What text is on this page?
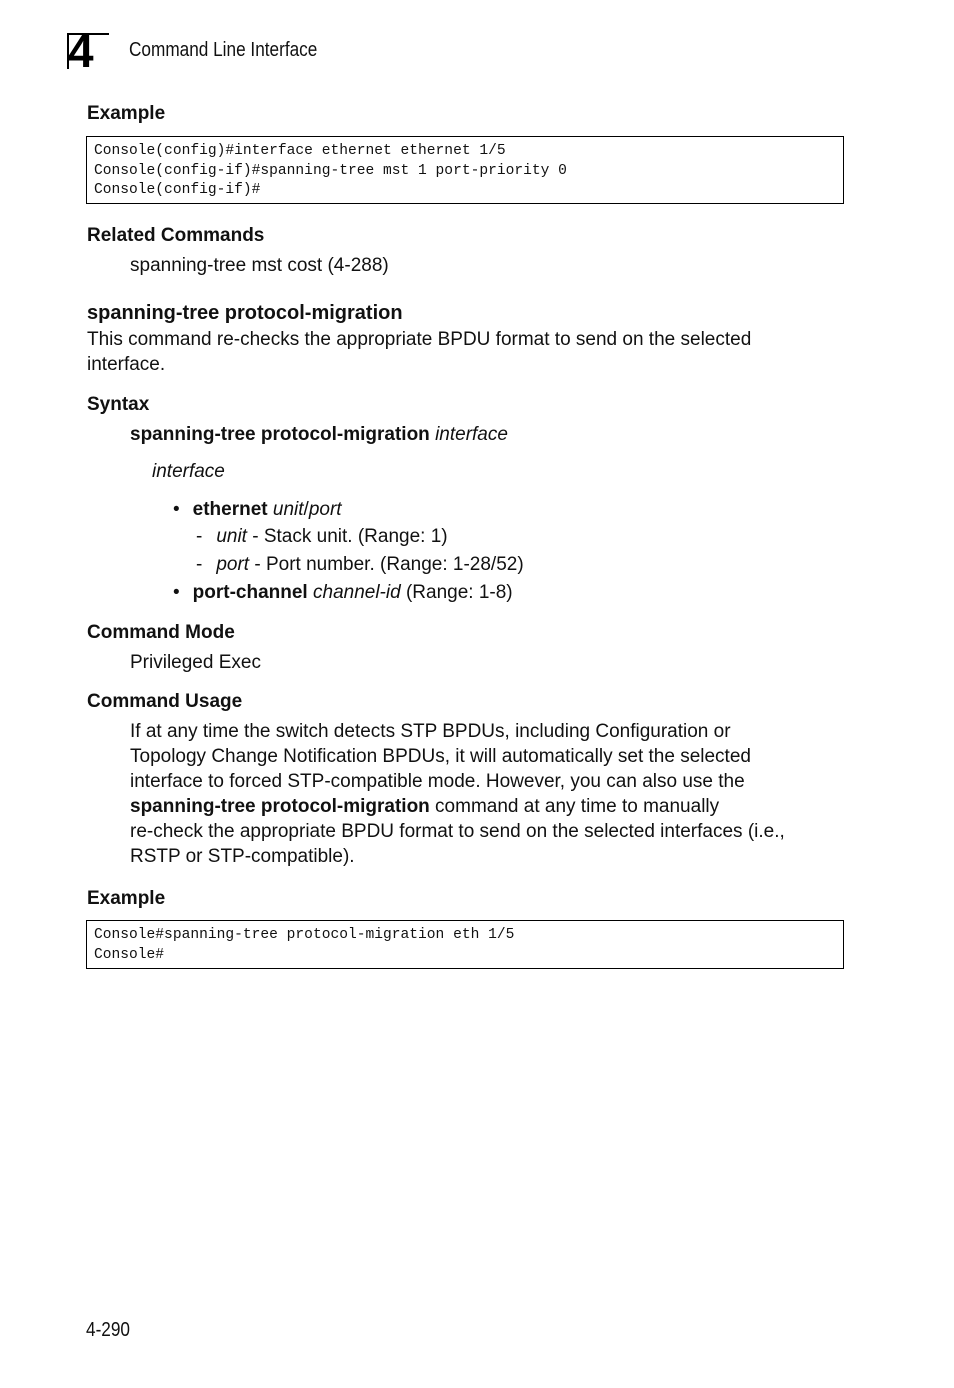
4	Command Line Interface
Example
Console(config)#interface ethernet ethernet 1/5
Console(config-if)#spanning-tree mst 1 port-priority 0
Console(config-if)#
Related Commands

spanning-tree mst cost (4-288)

spanning-tree protocol-migration

This command re-checks the appropriate BPDU format to send on the selected interface.

Syntax

spanning-tree protocol-migration interface

interface

• ethernet unit/port

- unit - Stack unit. (Range: 1)

- port - Port number. (Range: 1-28/52)

• port-channel channel-id (Range: 1-8)

Command Mode

Privileged Exec

Command Usage

If at any time the switch detects STP BPDUs, including Configuration or

Topology Change Notification BPDUs, it will automatically set the selected

interface to forced STP-compatible mode. However, you can also use the

spanning-tree protocol-migration command at any time to manually

re-check the appropriate BPDU format to send on the selected interfaces (i.e.,

RSTP or STP-compatible).

Example
Console#spanning-tree protocol-migration eth 1/5
Console#
4-290
